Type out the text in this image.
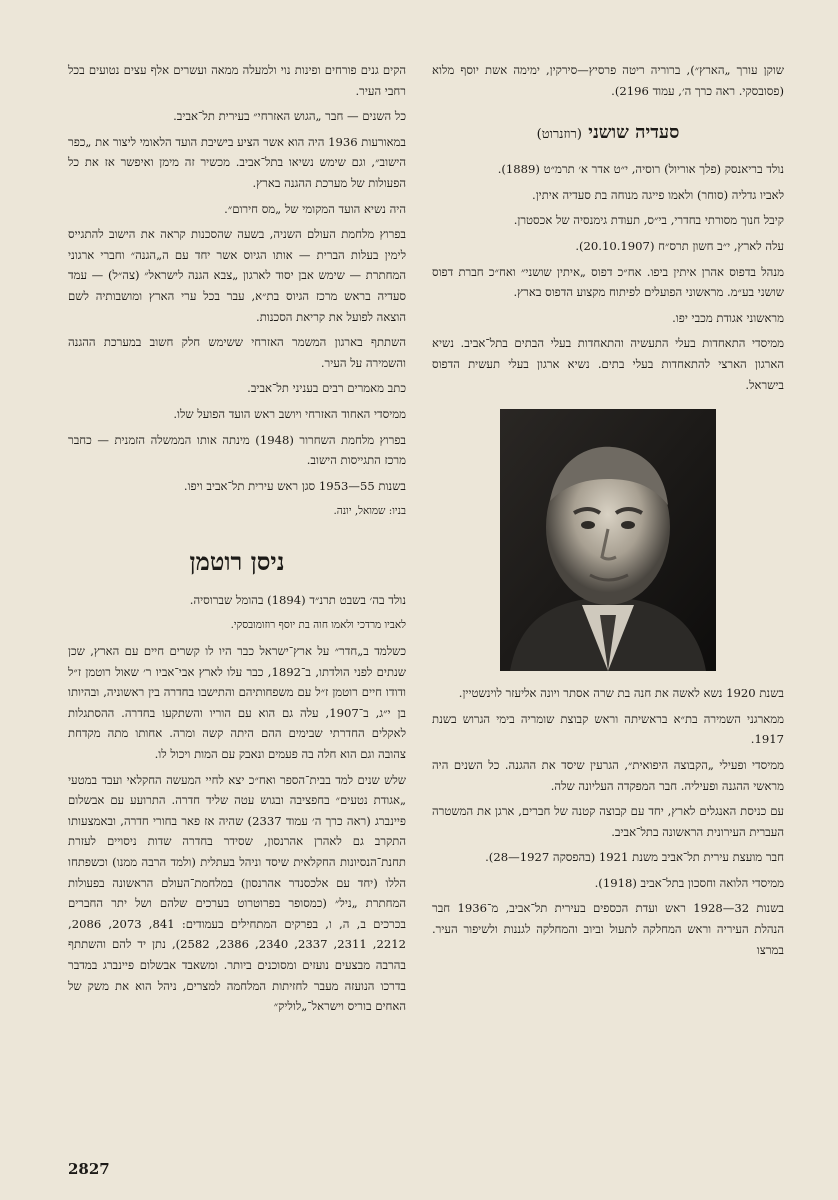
שוקן עורך „הארץ״), ברוריה ריטה פרסיץ—סירקין, ימימה אשת יוסף מלוא (פסובסקי. ראה כרך ה׳, עמוד 2196).

סעדיה שושני (רוזנרוט)

נולד בריאנסק (פלך אוריול) רוסיה, י״ט אדר א׳ תרמ״ט (1889).

לאביו גדליה (סוחר) ולאמו פייגה מנוחה בת סעדיה איתין.

קיבל חנוך מסורתי בחדרי, בי״ס, תעודת גימנסיה של אכסטרן.

עלה לארץ, י״ב חשון תרס״ח (20.10.1907).

מנהל בדפוס אהרן איתין ביפו. אח״כ דפוס „איתין שושני״ ואח״כ חברת דפוס שושני בע״מ. מראשוני הפועלים לפיתוח מקצוע הדפוס בארץ.

מראשוני אגודת מכבי יפו.

ממיסדי התאחדות בעלי התעשיה והתאחדות בעלי הבתים בתל־אביב. נשיא הארגון הארצי להתאחדות בעלי בתים. נשיא ארגון בעלי תעשית הדפוס בישראל.

בשנת 1920 נשא לאשה את חנה בת שרה אסתר ויונה אליעזר לוינשטיין.

ממארגני השמירה בת״א בראשיתה וראש קבוצת שומריה בימי הגרוש בשנת 1917.

ממיסדי ופעילי „הקבוצה היפואית״, הגרעין שיסד את ההגנה. כל השנים היה מראשי ההגנה ופעיליה. חבר המפקדה העליונה שלה.

עם כניסת האנגלים לארץ, יחד עם קבוצה קטנה של חברים, ארגן את המשטרה העברית העירונית הראשונה בתל־אביב.

חבר מועצת עירית תל־אביב משנת 1921 (בהפסקה 1927—28).

ממיסדי הלואה וחסכון בתל־אביב (1918).

בשנות 32—1928 ראש ועדת הכספים בעירית תל־אביב, מ־1936 חבר הנהלת העיריה וראש המחלקה לתעול וביוב והמחלקה לגננות ולשיפור העיר. במרצו

הקים גנים פורחים ופינות נוי ולמעלה ממאה ועשרים אלף עצים נטועים בכל רחבי העיר.

כל השנים — חבר „הגוש האזרחי״ בעירית תל־אביב.

במאורעות 1936 היה הוא אשר הציע בישיבת הועד הלאומי ליצור את „כפר הישוב״, וגם שימש נשיאו בתל־אביב. מכשיר זה מימן ואיפשר אז את כל הפעולות של מערכת ההגנה בארץ.

היה נשיא הועד המקומי של „מס חירום״.

בפרוץ מלחמת העולם השניה, בשעה שהסכנות קראה את הישוב להתגייס לימין בעלות הברית — אותו הגיוס אשר יחד עם ה„הגנה״ וחברי ארגוני המחתרת — שימש אבן יסוד לארגון „צבא הגנה לישראל״ (צה״ל) — עמד סעדיה בראש מרכז הגיוס בת״א, עבר בכל ערי הארץ ומושבותיה לשם הוצאה לפועל את קריאת הסכנות.

השתתף בארגון המשמר האזרחי ששימש חלק חשוב במערכת ההגנה והשמירה על העיר.

כתב מאמרים רבים בעניני תל־אביב.

ממיסדי האחוד האזרחי ויושב ראש הועד הפועל שלו.

בפרוץ מלחמת השחרור (1948) מינתה אותו הממשלה הזמנית — כחבר מרכז התגייסות הישוב.

בשנות 55—1953 סגן ראש עירית תל־אביב ויפו.

בניו: שמואל, יונה.

ניסן רוטמן

נולד בה׳ בשבט תרנ״ד (1894) בהומל שברוסיה.

לאביו מרדכי ולאמו חוה בת יוסף רוזומובסקי.

כשלמד ב„חדר״ על ארץ־ישראל כבר היו לו קשרים חיים עם הארץ, שכן שנתים לפני הולדתו, ב־1892, כבר עלו לארץ אבי־אביו ר׳ שאול רוטמן ז״ל ודודו חיים רוטמן ז״ל עם משפחותיהם והתישבו בחדרה בין ראשוניה, ובהיותו בן י״ג, ב־1907, עלה גם הוא עם הוריו והשתקעו בחדרה. ההסתגלות לאקלים החדרתי שבימים ההם היתה קשה ומרה. אחותו מתה מקדחת צהובה וגם הוא חלה בה פעמים ונאבק עם המות ויכול לו.

שלש שנים למד בבית־הספר ואח״כ יצא לחיי המעשה החקלאי ועבד במטעי „אגודת נטעים״ בחפציבה ובגוש עטה שליד חדרה. התרועע עם אבשלום פיינברג (ראה כרך ה׳ עמוד 2337) שהיה אז פאר בחורי חדרה, ובאמצעותו התקרב גם לאהרן אהרנסון, שסידר בחדרה שדות ניסויים לעזרת תחנת־הנסיונות החקלאית שיסד וניהל בעתלית (ולמד הרבה ממנו) וכשפתחו הללו (יחד עם אלכסנדר אהרנסון) במלחמת־העולם הראשונה בפעולות המחתרת „ניל״ (כמסופר בפרוטרוט בערכים שלהם ושל יתר החברים בכרכים ב, ה, ו, בפרקים המתחילים בעמודים: 841, 2073, 2086, 2212, 2311, 2337, 2340, 2386, 2582), נתן יד להם והשתתף בהרבה מבצעים נועזים ומסוכנים ביותר. ומשאבד אבשלום פיינברג במדבר בדרכו הנועזה מעבר לחזיתות המלחמה למצרים, ניהל הוא את משק של האחים בוריס וישראל־„לוליק״

2827
